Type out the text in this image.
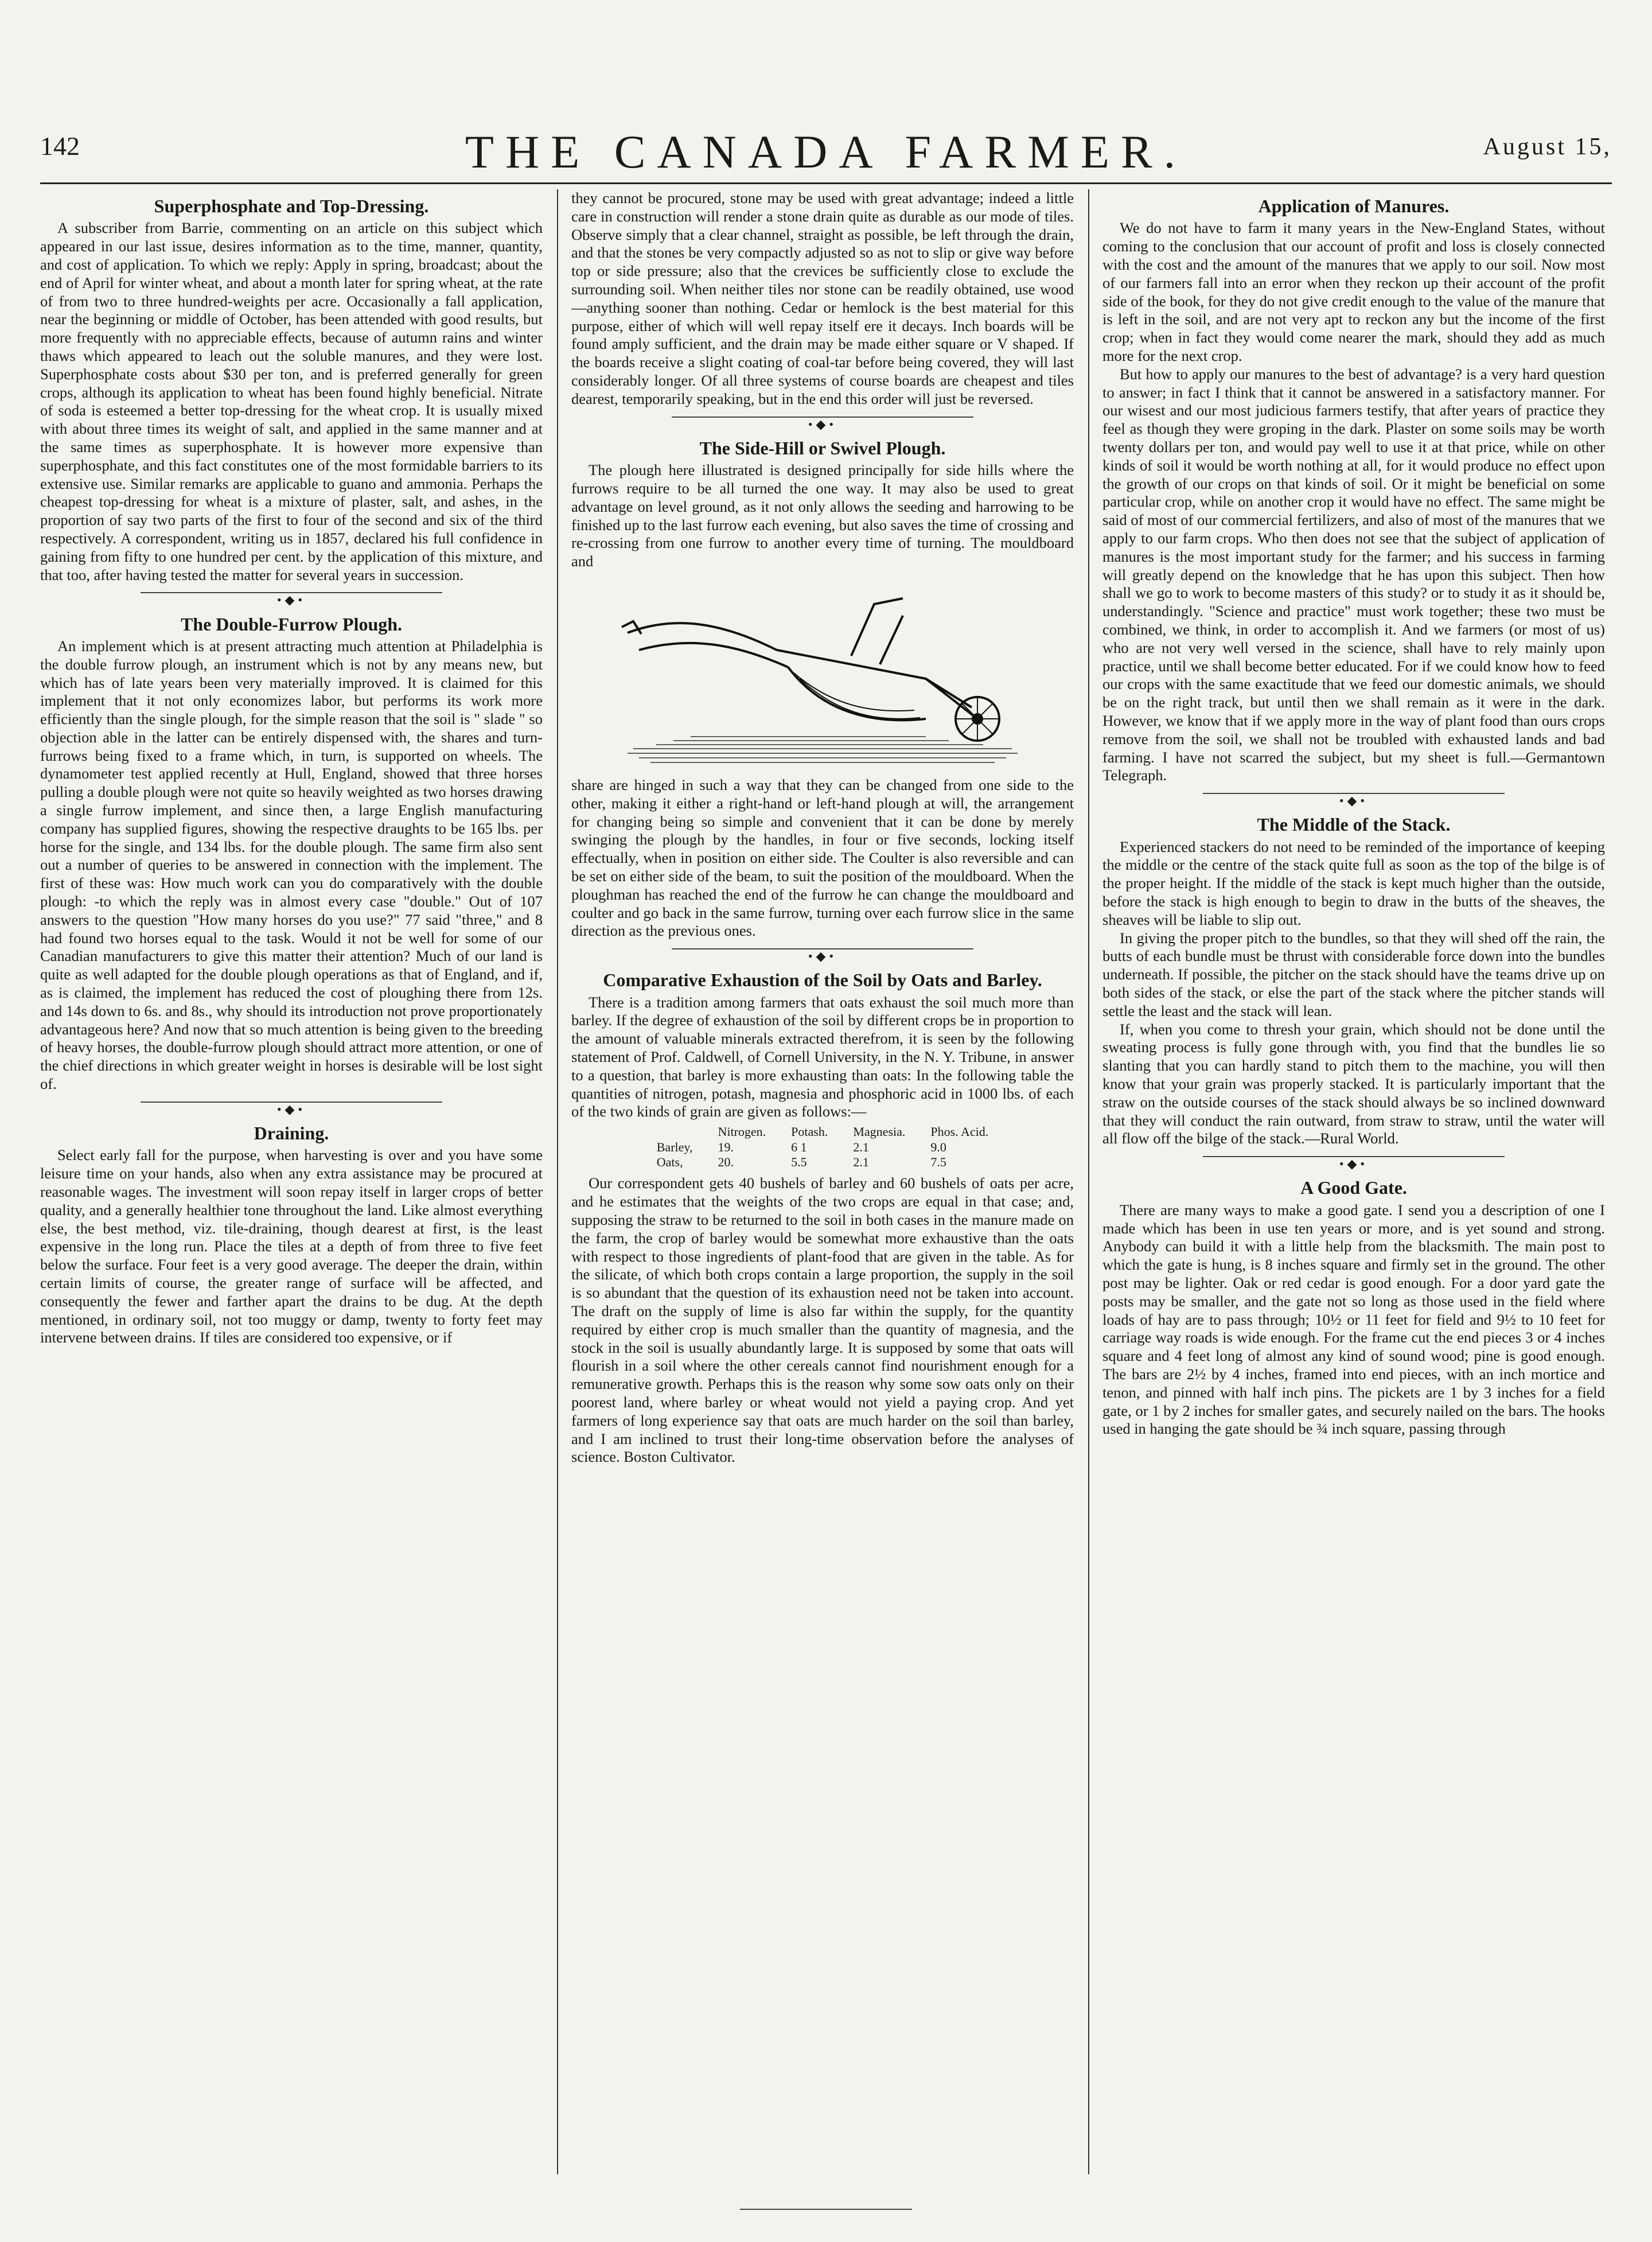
142	THE CANADA FARMER.	August 15,
Superphosphate and Top-Dressing.

A subscriber from Barrie, commenting on an article on this subject which appeared in our last issue, desires information as to the time, manner, quantity, and cost of application. To which we reply: Apply in spring, broadcast; about the end of April for winter wheat, and about a month later for spring wheat, at the rate of from two to three hundred-weights per acre. Occasionally a fall application, near the beginning or middle of October, has been attended with good results, but more frequently with no appreciable effects, because of autumn rains and winter thaws which appeared to leach out the soluble manures, and they were lost. Superphosphate costs about $30 per ton, and is preferred generally for green crops, although its application to wheat has been found highly beneficial. Nitrate of soda is esteemed a better top-dressing for the wheat crop. It is usually mixed with about three times its weight of salt, and applied in the same manner and at the same times as superphosphate. It is however more expensive than superphosphate, and this fact constitutes one of the most formidable barriers to its extensive use. Similar remarks are applicable to guano and ammonia. Perhaps the cheapest top-dressing for wheat is a mixture of plaster, salt, and ashes, in the proportion of say two parts of the first to four of the second and six of the third respectively. A correspondent, writing us in 1857, declared his full confidence in gaining from fifty to one hundred per cent. by the application of this mixture, and that too, after having tested the matter for several years in succession.

•◆•
The Double-Furrow Plough.

An implement which is at present attracting much attention at Philadelphia is the double furrow plough, an instrument which is not by any means new, but which has of late years been very materially improved. It is claimed for this implement that it not only economizes labor, but performs its work more efficiently than the single plough, for the simple reason that the soil is '' slade '' so objection able in the latter can be entirely dispensed with, the shares and turn-furrows being fixed to a frame which, in turn, is supported on wheels. The dynamometer test applied recently at Hull, England, showed that three horses pulling a double plough were not quite so heavily weighted as two horses drawing a single furrow implement, and since then, a large English manufacturing company has supplied figures, showing the respective draughts to be 165 lbs. per horse for the single, and 134 lbs. for the double plough. The same firm also sent out a number of queries to be answered in connection with the implement. The first of these was: How much work can you do comparatively with the double plough: -to which the reply was in almost every case "double." Out of 107 answers to the question "How many horses do you use?" 77 said "three," and 8 had found two horses equal to the task. Would it not be well for some of our Canadian manufacturers to give this matter their attention? Much of our land is quite as well adapted for the double plough operations as that of England, and if, as is claimed, the implement has reduced the cost of ploughing there from 12s. and 14s down to 6s. and 8s., why should its introduction not prove proportionately advantageous here? And now that so much attention is being given to the breeding of heavy horses, the double-furrow plough should attract more attention, or one of the chief directions in which greater weight in horses is desirable will be lost sight of.

•◆•
Draining.

Select early fall for the purpose, when harvesting is over and you have some leisure time on your hands, also when any extra assistance may be procured at reasonable wages. The investment will soon repay itself in larger crops of better quality, and a generally healthier tone throughout the land. Like almost everything else, the best method, viz. tile-draining, though dearest at first, is the least expensive in the long run. Place the tiles at a depth of from three to five feet below the surface. Four feet is a very good average. The deeper the drain, within certain limits of course, the greater range of surface will be affected, and consequently the fewer and farther apart the drains to be dug. At the depth mentioned, in ordinary soil, not too muggy or damp, twenty to forty feet may intervene between drains. If tiles are considered too expensive, or if

they cannot be procured, stone may be used with great advantage; indeed a little care in construction will render a stone drain quite as durable as our mode of tiles. Observe simply that a clear channel, straight as possible, be left through the drain, and that the stones be very compactly adjusted so as not to slip or give way before top or side pressure; also that the crevices be sufficiently close to exclude the surrounding soil. When neither tiles nor stone can be readily obtained, use wood—anything sooner than nothing. Cedar or hemlock is the best material for this purpose, either of which will well repay itself ere it decays. Inch boards will be found amply sufficient, and the drain may be made either square or V shaped. If the boards receive a slight coating of coal-tar before being covered, they will last considerably longer. Of all three systems of course boards are cheapest and tiles dearest, temporarily speaking, but in the end this order will just be reversed.

•◆•
The Side-Hill or Swivel Plough.

The plough here illustrated is designed principally for side hills where the furrows require to be all turned the one way. It may also be used to great advantage on level ground, as it not only allows the seeding and harrowing to be finished up to the last furrow each evening, but also saves the time of crossing and re-crossing from one furrow to another every time of turning. The mouldboard and

share are hinged in such a way that they can be changed from one side to the other, making it either a right-hand or left-hand plough at will, the arrangement for changing being so simple and convenient that it can be done by merely swinging the plough by the handles, in four or five seconds, locking itself effectually, when in position on either side. The Coulter is also reversible and can be set on either side of the beam, to suit the position of the mouldboard. When the ploughman has reached the end of the furrow he can change the mouldboard and coulter and go back in the same furrow, turning over each furrow slice in the same direction as the previous ones.

•◆•
Comparative Exhaustion of the Soil by Oats and Barley.

There is a tradition among farmers that oats exhaust the soil much more than barley. If the degree of exhaustion of the soil by different crops be in proportion to the amount of valuable minerals extracted therefrom, it is seen by the following statement of Prof. Caldwell, of Cornell University, in the N. Y. Tribune, in answer to a question, that barley is more exhausting than oats: In the following table the quantities of nitrogen, potash, magnesia and phosphoric acid in 1000 lbs. of each of the two kinds of grain are given as follows:—

	Nitrogen.	Potash.	Magnesia.	Phos. Acid.
Barley,	19.	6 1	2.1	9.0
Oats,	20.	5.5	2.1	7.5

Our correspondent gets 40 bushels of barley and 60 bushels of oats per acre, and he estimates that the weights of the two crops are equal in that case; and, supposing the straw to be returned to the soil in both cases in the manure made on the farm, the crop of barley would be somewhat more exhaustive than the oats with respect to those ingredients of plant-food that are given in the table. As for the silicate, of which both crops contain a large proportion, the supply in the soil is so abundant that the question of its exhaustion need not be taken into account. The draft on the supply of lime is also far within the supply, for the quantity required by either crop is much smaller than the quantity of magnesia, and the stock in the soil is usually abundantly large. It is supposed by some that oats will flourish in a soil where the other cereals cannot find nourishment enough for a remunerative growth. Perhaps this is the reason why some sow oats only on their poorest land, where barley or wheat would not yield a paying crop. And yet farmers of long experience say that oats are much harder on the soil than barley, and I am inclined to trust their long-time observation before the analyses of science. Boston Cultivator.

Application of Manures.

We do not have to farm it many years in the New-England States, without coming to the conclusion that our account of profit and loss is closely connected with the cost and the amount of the manures that we apply to our soil. Now most of our farmers fall into an error when they reckon up their account of the profit side of the book, for they do not give credit enough to the value of the manure that is left in the soil, and are not very apt to reckon any but the income of the first crop; when in fact they would come nearer the mark, should they add as much more for the next crop.

But how to apply our manures to the best of advantage? is a very hard question to answer; in fact I think that it cannot be answered in a satisfactory manner. For our wisest and our most judicious farmers testify, that after years of practice they feel as though they were groping in the dark. Plaster on some soils may be worth twenty dollars per ton, and would pay well to use it at that price, while on other kinds of soil it would be worth nothing at all, for it would produce no effect upon the growth of our crops on that kinds of soil. Or it might be beneficial on some particular crop, while on another crop it would have no effect. The same might be said of most of our commercial fertilizers, and also of most of the manures that we apply to our farm crops. Who then does not see that the subject of application of manures is the most important study for the farmer; and his success in farming will greatly depend on the knowledge that he has upon this subject. Then how shall we go to work to become masters of this study? or to study it as it should be, understandingly. "Science and practice" must work together; these two must be combined, we think, in order to accomplish it. And we farmers (or most of us) who are not very well versed in the science, shall have to rely mainly upon practice, until we shall become better educated. For if we could know how to feed our crops with the same exactitude that we feed our domestic animals, we should be on the right track, but until then we shall remain as it were in the dark. However, we know that if we apply more in the way of plant food than ours crops remove from the soil, we shall not be troubled with exhausted lands and bad farming. I have not scarred the subject, but my sheet is full.—Germantown Telegraph.

•◆•
The Middle of the Stack.

Experienced stackers do not need to be reminded of the importance of keeping the middle or the centre of the stack quite full as soon as the top of the bilge is of the proper height. If the middle of the stack is kept much higher than the outside, before the stack is high enough to begin to draw in the butts of the sheaves, the sheaves will be liable to slip out.

In giving the proper pitch to the bundles, so that they will shed off the rain, the butts of each bundle must be thrust with considerable force down into the bundles underneath. If possible, the pitcher on the stack should have the teams drive up on both sides of the stack, or else the part of the stack where the pitcher stands will settle the least and the stack will lean.

If, when you come to thresh your grain, which should not be done until the sweating process is fully gone through with, you find that the bundles lie so slanting that you can hardly stand to pitch them to the machine, you will then know that your grain was properly stacked. It is particularly important that the straw on the outside courses of the stack should always be so inclined downward that they will conduct the rain outward, from straw to straw, until the water will all flow off the bilge of the stack.—Rural World.

•◆•
A Good Gate.

There are many ways to make a good gate. I send you a description of one I made which has been in use ten years or more, and is yet sound and strong. Anybody can build it with a little help from the blacksmith. The main post to which the gate is hung, is 8 inches square and firmly set in the ground. The other post may be lighter. Oak or red cedar is good enough. For a door yard gate the posts may be smaller, and the gate not so long as those used in the field where loads of hay are to pass through; 10½ or 11 feet for field and 9½ to 10 feet for carriage way roads is wide enough. For the frame cut the end pieces 3 or 4 inches square and 4 feet long of almost any kind of sound wood; pine is good enough. The bars are 2½ by 4 inches, framed into end pieces, with an inch mortice and tenon, and pinned with half inch pins. The pickets are 1 by 3 inches for a field gate, or 1 by 2 inches for smaller gates, and securely nailed on the bars. The hooks used in hanging the gate should be ¾ inch square, passing through
